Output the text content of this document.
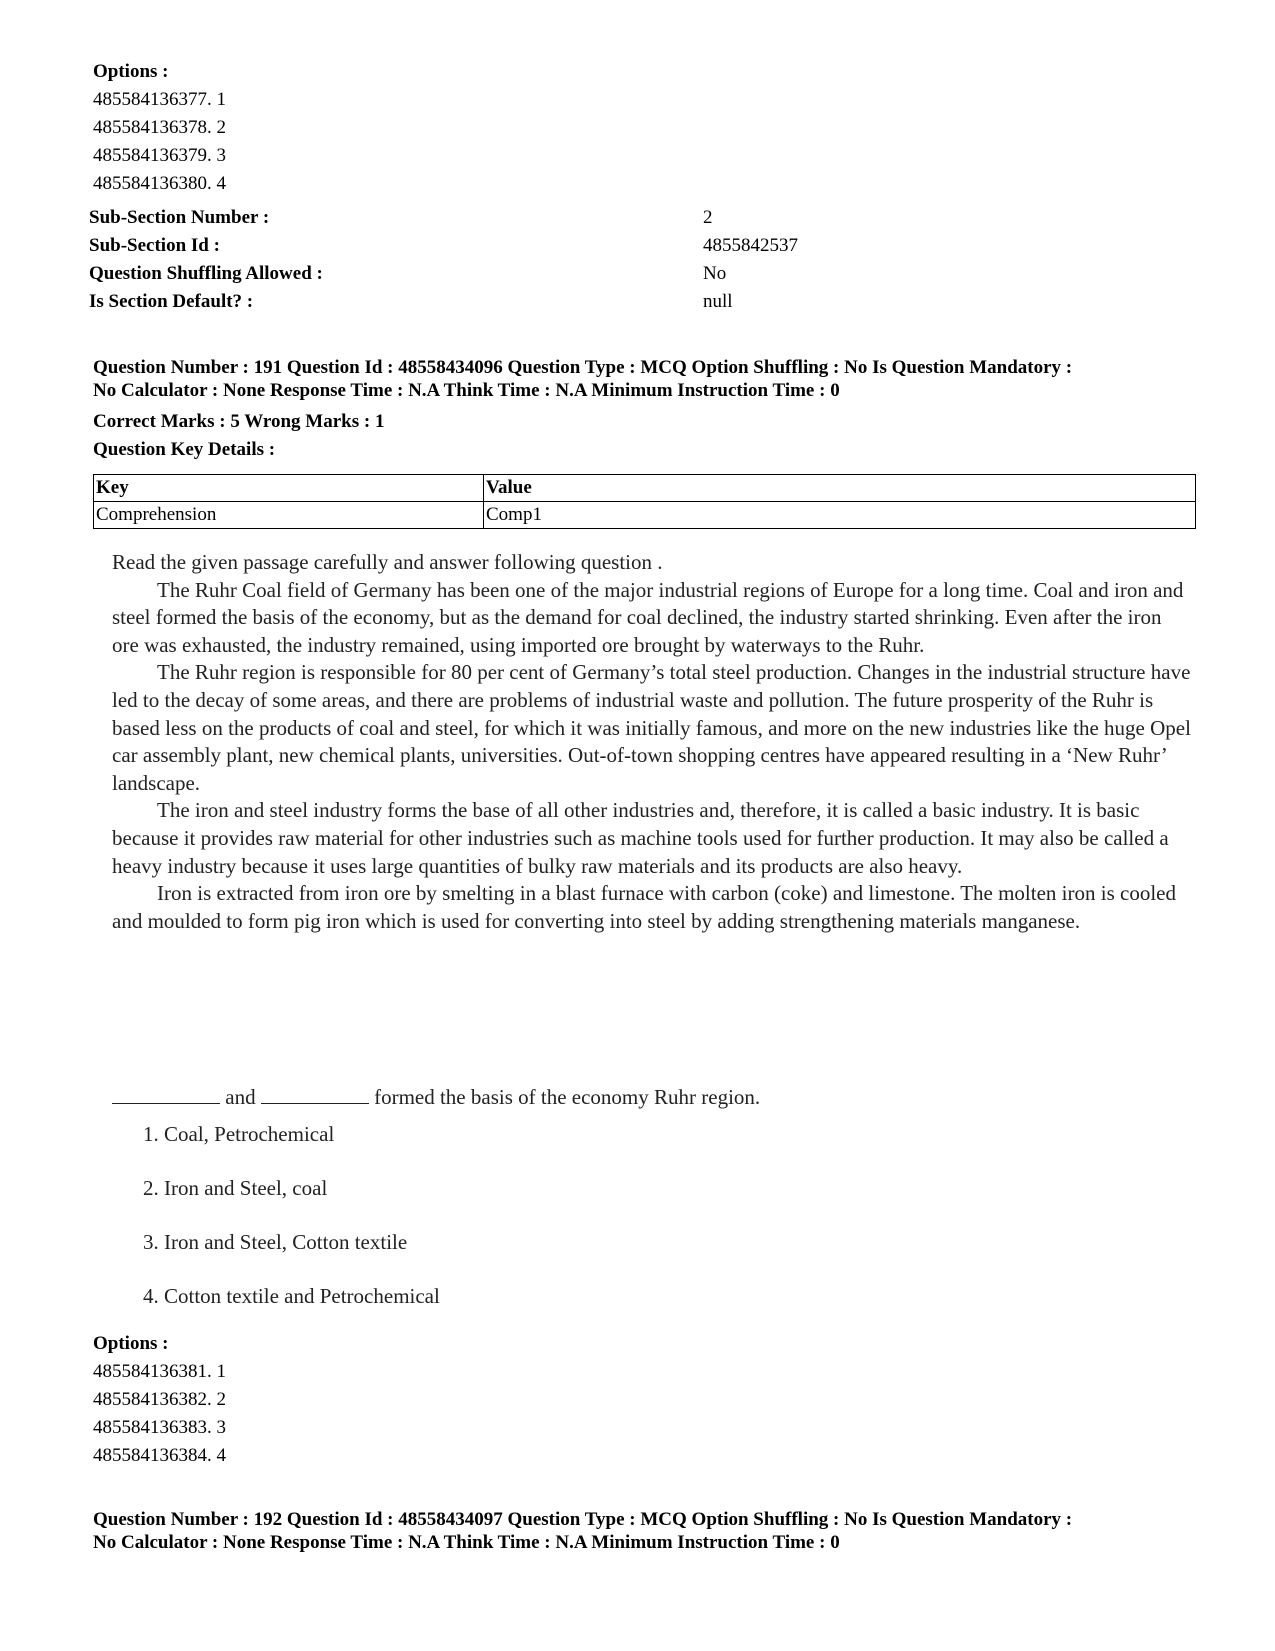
Options :
485584136377. 1
485584136378. 2
485584136379. 3
485584136380. 4
Sub-Section Number :	2
Sub-Section Id :	4855842537
Question Shuffling Allowed :	No
Is Section Default? :	null
Question Number : 191 Question Id : 48558434096 Question Type : MCQ Option Shuffling : No Is Question Mandatory :
No Calculator : None Response Time : N.A Think Time : N.A Minimum Instruction Time : 0
Correct Marks : 5 Wrong Marks : 1
Question Key Details :
Key	Value
Comprehension	Comp1

Read the given passage carefully and answer following question .

The Ruhr Coal field of Germany has been one of the major industrial regions of Europe for a long time. Coal and iron and steel formed the basis of the economy, but as the demand for coal declined, the industry started shrinking. Even after the iron ore was exhausted, the industry remained, using imported ore brought by waterways to the Ruhr.

The Ruhr region is responsible for 80 per cent of Germany’s total steel production. Changes in the industrial structure have led to the decay of some areas, and there are problems of industrial waste and pollution. The future prosperity of the Ruhr is based less on the products of coal and steel, for which it was initially famous, and more on the new industries like the huge Opel car assembly plant, new chemical plants, universities. Out-of-town shopping centres have appeared resulting in a ‘New Ruhr’ landscape.

The iron and steel industry forms the base of all other industries and, therefore, it is called a basic industry. It is basic because it provides raw material for other industries such as machine tools used for further production. It may also be called a heavy industry because it uses large quantities of bulky raw materials and its products are also heavy.

Iron is extracted from iron ore by smelting in a blast furnace with carbon (coke) and limestone. The molten iron is cooled and moulded to form pig iron which is used for converting into steel by adding strengthening materials manganese.

and	formed the basis of the economy Ruhr region.
1. Coal, Petrochemical
2. Iron and Steel, coal
3. Iron and Steel, Cotton textile
4. Cotton textile and Petrochemical
Options :
485584136381. 1
485584136382. 2
485584136383. 3
485584136384. 4
Question Number : 192 Question Id : 48558434097 Question Type : MCQ Option Shuffling : No Is Question Mandatory :
No Calculator : None Response Time : N.A Think Time : N.A Minimum Instruction Time : 0
